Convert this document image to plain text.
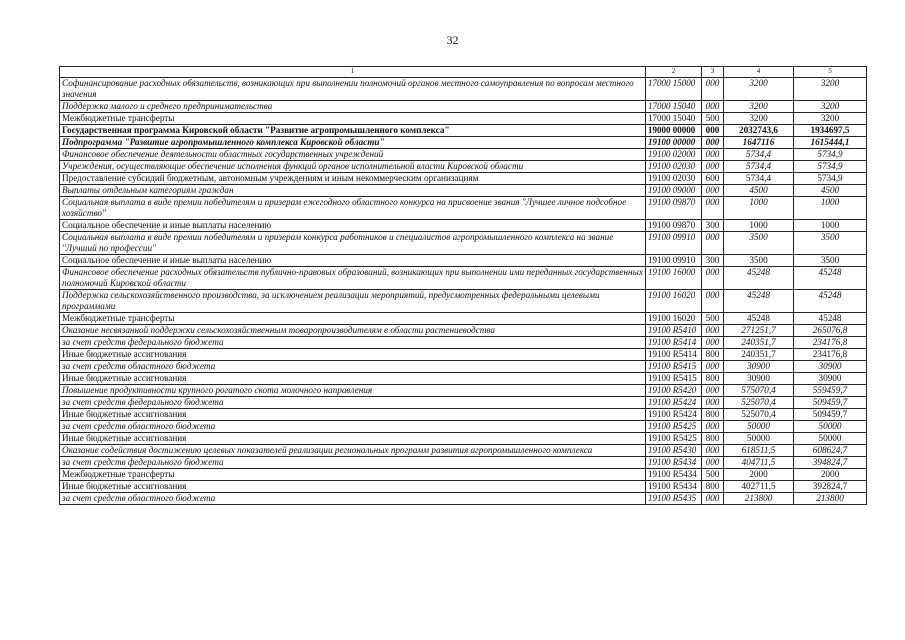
32
1	2	3	4	5
Софинансирование расходных обязательств, возникающих при выполнении полномочий органов местного самоуправления по вопросам местного значения	17000 15000	000	3200	3200
Поддержка малого и среднего предпринимательства	17000 15040	000	3200	3200
Межбюджетные трансферты	17000 15040	500	3200	3200
Государственная программа Кировской области "Развитие агропромышленного комплекса"	19000 00000	000	2032743,6	1934697,5
Подпрограмма "Развитие агропромышленного комплекса Кировской области"	19100 00000	000	1647116	1615444,1
Финансовое обеспечение деятельности областных государственных учреждений	19100 02000	000	5734,4	5734,9
Учреждения, осуществляющие обеспечение исполнения функций органов исполнительной власти Кировской области	19100 02030	000	5734,4	5734,9
Предоставление субсидий бюджетным, автономным учреждениям и иным некоммерческим организациям	19100 02030	600	5734,4	5734,9
Выплаты отдельным категориям граждан	19100 09000	000	4500	4500
Социальная выплата в виде премии победителям и призерам ежегодного областного конкурса на присвоение звания "Лучшее личное подсобное хозяйство"	19100 09870	000	1000	1000
Социальное обеспечение и иные выплаты населению	19100 09870	300	1000	1000
Социальная выплата в виде премии победителям и призерам конкурса работников и специалистов агропромышленного комплекса на звание "Лучший по профессии"	19100 09910	000	3500	3500
Социальное обеспечение и иные выплаты населению	19100 09910	300	3500	3500
Финансовое обеспечение расходных обязательств публично-правовых образований, возникающих при выполнении ими переданных государственных полномочий Кировской области	19100 16000	000	45248	45248
Поддержка сельскохозяйственного производства, за исключением реализации мероприятий, предусмотренных федеральными целевыми программами	19100 16020	000	45248	45248
Межбюджетные трансферты	19100 16020	500	45248	45248
Оказание несвязанной поддержки сельскохозяйственным товаропроизводителям в области растениеводства	19100 R5410	000	271251,7	265076,8
за счет средств федерального бюджета	19100 R5414	000	240351,7	234176,8
Иные бюджетные ассигнования	19100 R5414	800	240351,7	234176,8
за счет средств областного бюджета	19100 R5415	000	30900	30900
Иные бюджетные ассигнования	19100 R5415	800	30900	30900
Повышение продуктивности крупного рогатого скота молочного направления	19100 R5420	000	575070,4	559459,7
за счет средств федерального бюджета	19100 R5424	000	525070,4	509459,7
Иные бюджетные ассигнования	19100 R5424	800	525070,4	509459,7
за счет средств областного бюджета	19100 R5425	000	50000	50000
Иные бюджетные ассигнования	19100 R5425	800	50000	50000
Оказание содействия достижению целевых показателей реализации региональных программ развития агропромышленного комплекса	19100 R5430	000	618511,5	608624,7
за счет средств федерального бюджета	19100 R5434	000	404711,5	394824,7
Межбюджетные трансферты	19100 R5434	500	2000	2000
Иные бюджетные ассигнования	19100 R5434	800	402711,5	392824,7
за счет средств областного бюджета	19100 R5435	000	213800	213800
